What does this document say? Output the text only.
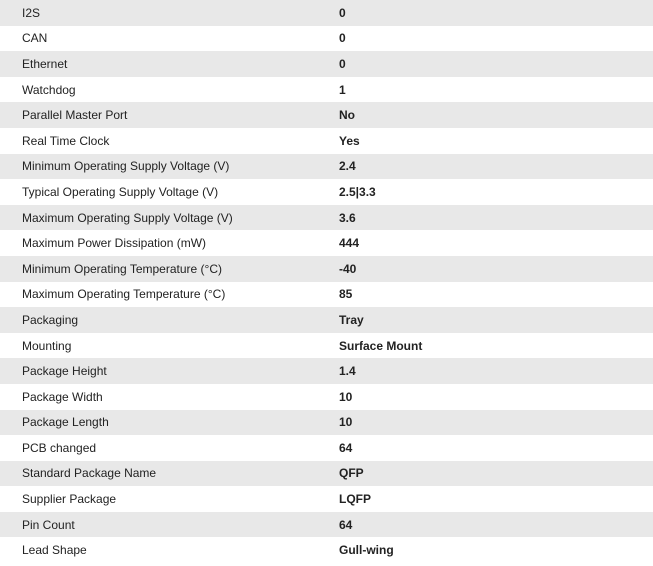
I2S	0
CAN	0
Ethernet	0
Watchdog	1
Parallel Master Port	No
Real Time Clock	Yes
Minimum Operating Supply Voltage (V)	2.4
Typical Operating Supply Voltage (V)	2.5|3.3
Maximum Operating Supply Voltage (V)	3.6
Maximum Power Dissipation (mW)	444
Minimum Operating Temperature (°C)	-40
Maximum Operating Temperature (°C)	85
Packaging	Tray
Mounting	Surface Mount
Package Height	1.4
Package Width	10
Package Length	10
PCB changed	64
Standard Package Name	QFP
Supplier Package	LQFP
Pin Count	64
Lead Shape	Gull-wing
